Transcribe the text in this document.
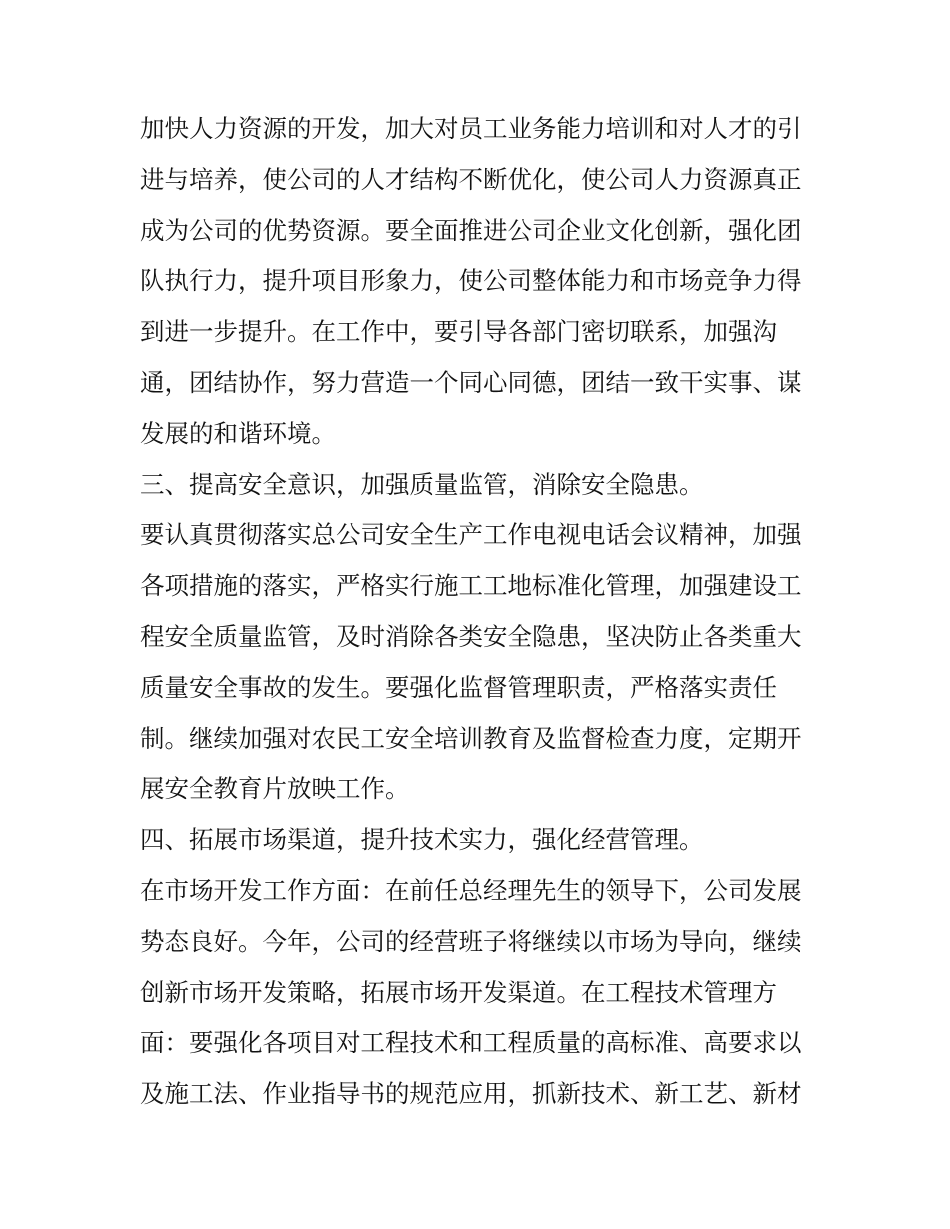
加快人力资源的开发，加大对员工业务能力培训和对人才的引
进与培养，使公司的人才结构不断优化，使公司人力资源真正
成为公司的优势资源。要全面推进公司企业文化创新，强化团
队执行力，提升项目形象力，使公司整体能力和市场竞争力得
到进一步提升。在工作中，要引导各部门密切联系，加强沟
通，团结协作，努力营造一个同心同德，团结一致干实事、谋
发展的和谐环境。
三、提高安全意识，加强质量监管，消除安全隐患。
要认真贯彻落实总公司安全生产工作电视电话会议精神，加强
各项措施的落实，严格实行施工工地标准化管理，加强建设工
程安全质量监管，及时消除各类安全隐患，坚决防止各类重大
质量安全事故的发生。要强化监督管理职责，严格落实责任
制。继续加强对农民工安全培训教育及监督检查力度，定期开
展安全教育片放映工作。
四、拓展市场渠道，提升技术实力，强化经营管理。
在市场开发工作方面：在前任总经理先生的领导下，公司发展
势态良好。今年，公司的经营班子将继续以市场为导向，继续
创新市场开发策略，拓展市场开发渠道。在工程技术管理方
面：要强化各项目对工程技术和工程质量的高标准、高要求以
及施工法、作业指导书的规范应用，抓新技术、新工艺、新材
